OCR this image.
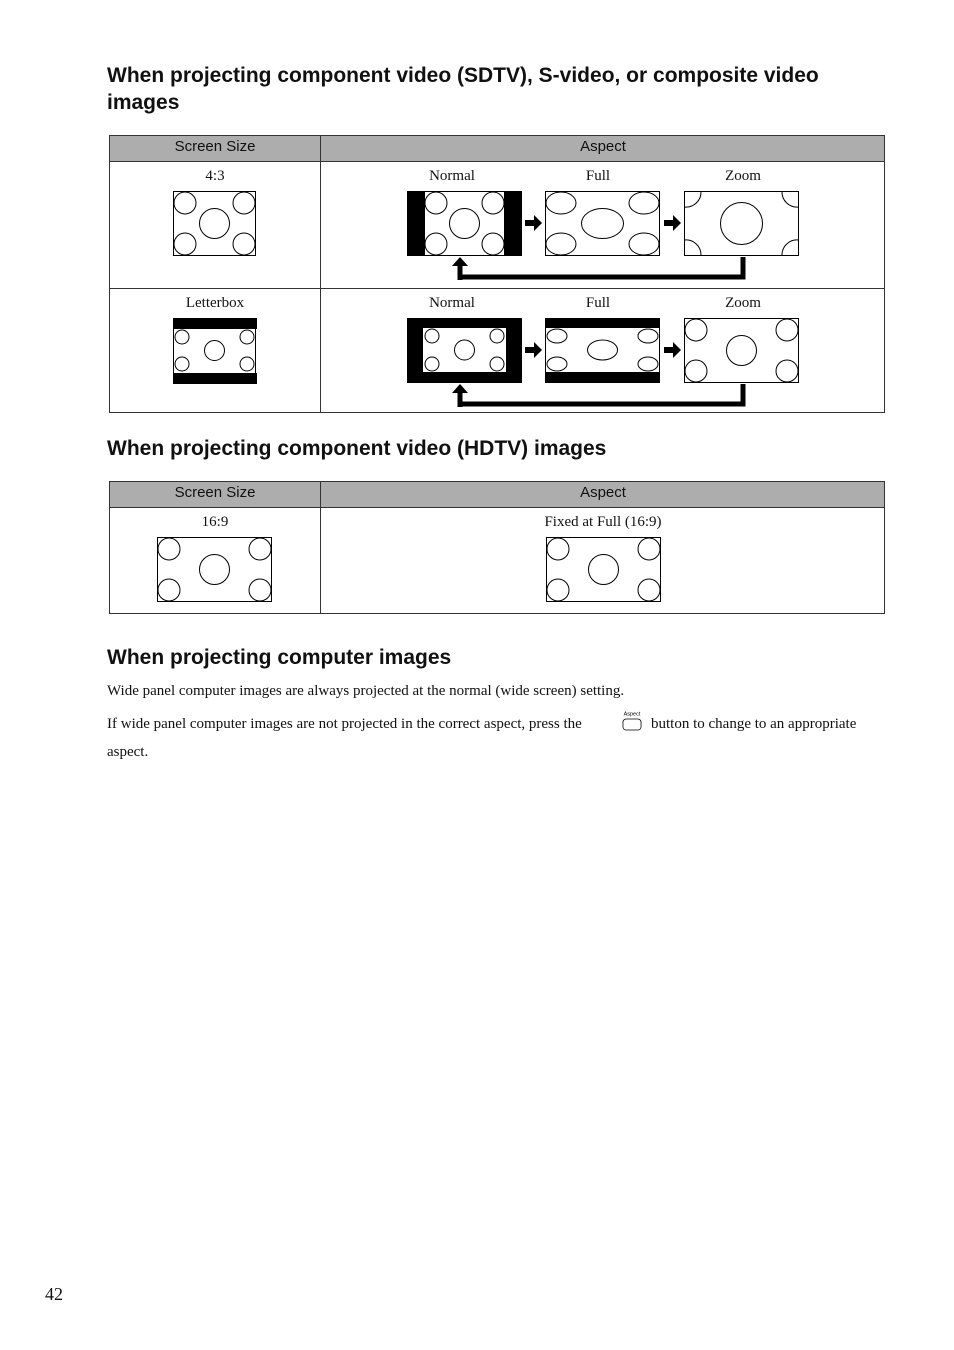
When projecting component video (SDTV), S-video, or composite video images
Screen Size	Aspect
4:3	Normal	Full	Zoom
Letterbox	Normal	Full	Zoom
When projecting component video (HDTV) images
Screen Size	Aspect
16:9	Fixed at Full (16:9)
When projecting computer images

Wide panel computer images are always projected at the normal (wide screen) setting.

If wide panel computer images are not projected in the correct aspect, press the

Aspect

button to change to an appropriate

aspect.

42
